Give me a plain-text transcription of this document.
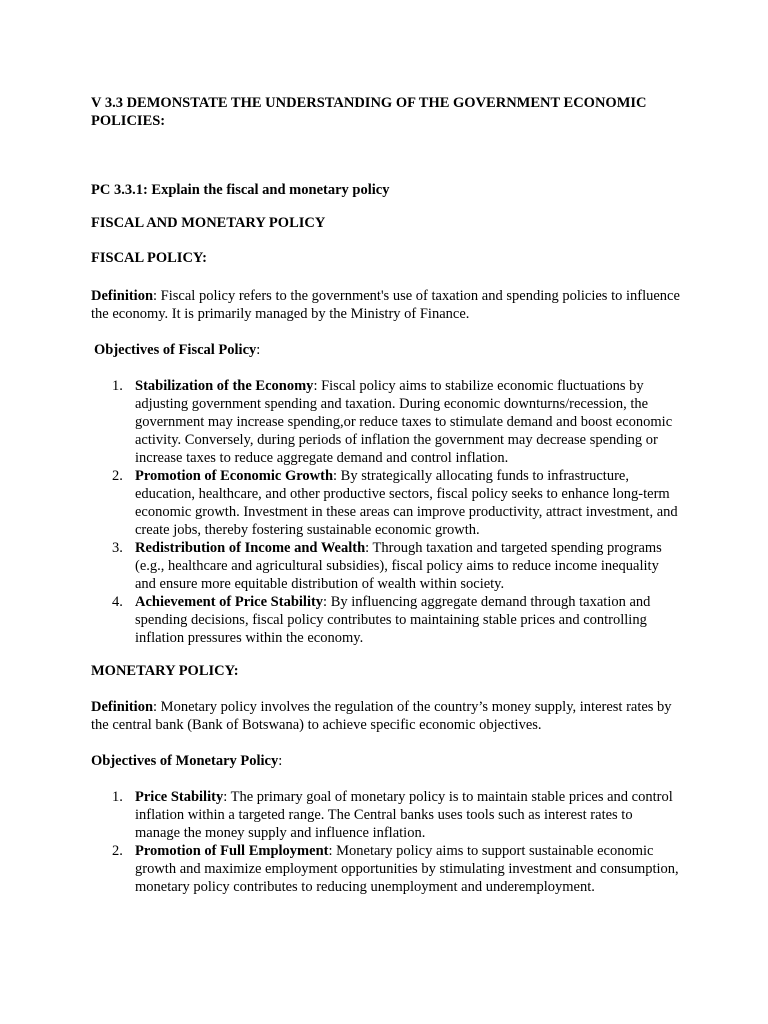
V 3.3 DEMONSTATE THE UNDERSTANDING OF THE GOVERNMENT ECONOMIC POLICIES:

PC 3.3.1: Explain the fiscal and monetary policy

FISCAL AND MONETARY POLICY

FISCAL POLICY:

Definition: Fiscal policy refers to the government's use of taxation and spending policies to influence the economy. It is primarily managed by the Ministry of Finance.

Objectives of Fiscal Policy:

1. Stabilization of the Economy: Fiscal policy aims to stabilize economic fluctuations by adjusting government spending and taxation. During economic downturns/recession, the government may increase spending,or reduce taxes to stimulate demand and boost economic activity. Conversely, during periods of inflation the government may decrease spending or increase taxes to reduce aggregate demand and control inflation.
2. Promotion of Economic Growth: By strategically allocating funds to infrastructure, education, healthcare, and other productive sectors, fiscal policy seeks to enhance long-term economic growth. Investment in these areas can improve productivity, attract investment, and create jobs, thereby fostering sustainable economic growth.
3. Redistribution of Income and Wealth: Through taxation and targeted spending programs (e.g., healthcare and agricultural subsidies), fiscal policy aims to reduce income inequality and ensure more equitable distribution of wealth within society.
4. Achievement of Price Stability: By influencing aggregate demand through taxation and spending decisions, fiscal policy contributes to maintaining stable prices and controlling inflation pressures within the economy.

MONETARY POLICY:

Definition: Monetary policy involves the regulation of the country’s money supply, interest rates by the central bank (Bank of Botswana) to achieve specific economic objectives.

Objectives of Monetary Policy:

1. Price Stability: The primary goal of monetary policy is to maintain stable prices and control inflation within a targeted range. The Central banks uses tools such as interest rates to manage the money supply and influence inflation.
2. Promotion of Full Employment: Monetary policy aims to support sustainable economic growth and maximize employment opportunities by stimulating investment and consumption, monetary policy contributes to reducing unemployment and underemployment.
